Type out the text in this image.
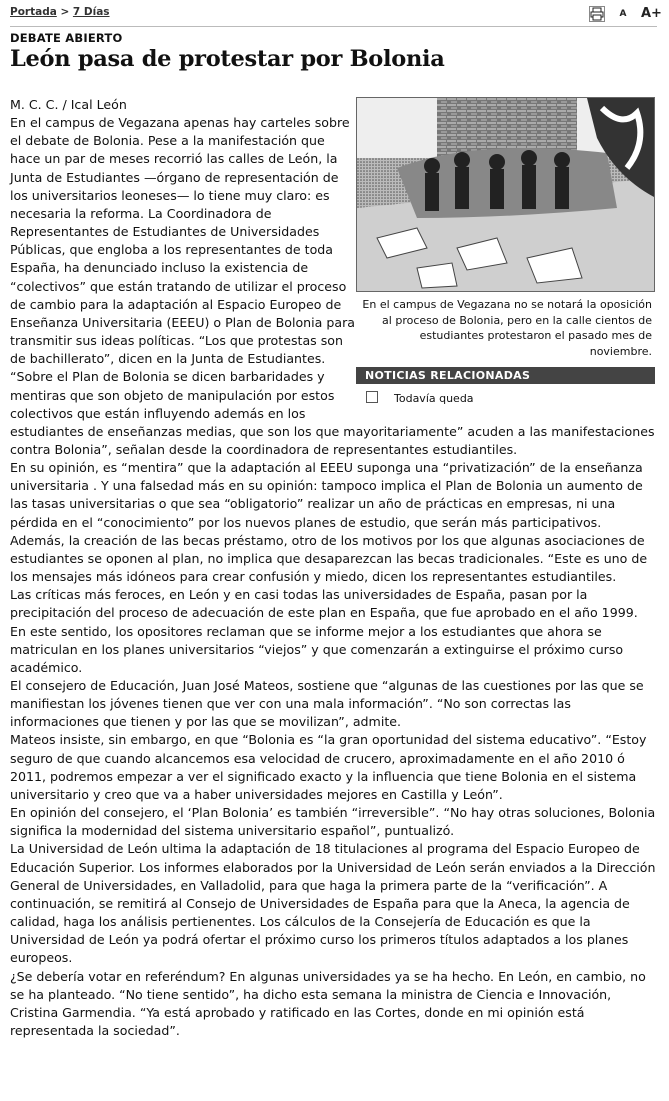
Portada > 7 Días	A	A+
DEBATE ABIERTO
León pasa de protestar por Bolonia
En el campus de Vegazana no se notará la oposición al proceso de Bolonia, pero en la calle cientos de estudiantes protestaron el pasado mes de noviembre.
NOTICIAS RELACIONADAS
Todavía queda

M. C. C. / Ical León

En el campus de Vegazana apenas hay carteles sobre el debate de Bolonia. Pese a la manifestación que hace un par de meses recorrió las calles de León, la Junta de Estudiantes —órgano de representación de los universitarios leoneses— lo tiene muy claro: es necesaria la reforma. La Coordinadora de Representantes de Estudiantes de Universidades Públicas, que engloba a los representantes de toda España, ha denunciado incluso la existencia de “colectivos” que están tratando de utilizar el proceso de cambio para la adaptación al Espacio Europeo de Enseñanza Universitaria (EEEU) o Plan de Bolonia para transmitir sus ideas políticas. “Los que protestas son de bachillerato”, dicen en la Junta de Estudiantes.

“Sobre el Plan de Bolonia se dicen barbaridades y mentiras que son objeto de manipulación por estos colectivos que están influyendo además en los estudiantes de enseñanzas medias, que son los que mayoritariamente” acuden a las manifestaciones contra Bolonia”, señalan desde la coordinadora de representantes estudiantiles.

En su opinión, es “mentira” que la adaptación al EEEU suponga una “privatización” de la enseñanza universitaria . Y una falsedad más en su opinión: tampoco implica el Plan de Bolonia un aumento de las tasas universitarias o que sea “obligatorio” realizar un año de prácticas en empresas, ni una pérdida en el “conocimiento” por los nuevos planes de estudio, que serán más participativos.

Además, la creación de las becas préstamo, otro de los motivos por los que algunas asociaciones de estudiantes se oponen al plan, no implica que desaparezcan las becas tradicionales. “Este es uno de los mensajes más idóneos para crear confusión y miedo, dicen los representantes estudiantiles.

Las críticas más feroces, en León y en casi todas las universidades de España, pasan por la precipitación del proceso de adecuación de este plan en España, que fue aprobado en el año 1999. En este sentido, los opositores reclaman que se informe mejor a los estudiantes que ahora se matriculan en los planes universitarios “viejos” y que comenzarán a extinguirse el próximo curso académico.

El consejero de Educación, Juan José Mateos, sostiene que “algunas de las cuestiones por las que se manifiestan los jóvenes tienen que ver con una mala información”. “No son correctas las informaciones que tienen y por las que se movilizan”, admite.

Mateos insiste, sin embargo, en que “Bolonia es “la gran oportunidad del sistema educativo”. “Estoy seguro de que cuando alcancemos esa velocidad de crucero, aproximadamente en el año 2010 ó 2011, podremos empezar a ver el significado exacto y la influencia que tiene Bolonia en el sistema universitario y creo que va a haber universidades mejores en Castilla y León”.

En opinión del consejero, el ‘Plan Bolonia’ es también “irreversible”. “No hay otras soluciones, Bolonia significa la modernidad del sistema universitario español”, puntualizó.

La Universidad de León ultima la adaptación de 18 titulaciones al programa del Espacio Europeo de Educación Superior. Los informes elaborados por la Universidad de León serán enviados a la Dirección General de Universidades, en Valladolid, para que haga la primera parte de la “verificación”. A continuación, se remitirá al Consejo de Universidades de España para que la Aneca, la agencia de calidad, haga los análisis pertienentes. Los cálculos de la Consejería de Educación es que la Universidad de León ya podrá ofertar el próximo curso los primeros títulos adaptados a los planes europeos.

¿Se debería votar en referéndum? En algunas universidades ya se ha hecho. En León, en cambio, no se ha planteado. “No tiene sentido”, ha dicho esta semana la ministra de Ciencia e Innovación, Cristina Garmendia. “Ya está aprobado y ratificado en las Cortes, donde en mi opinión está representada la sociedad”.
